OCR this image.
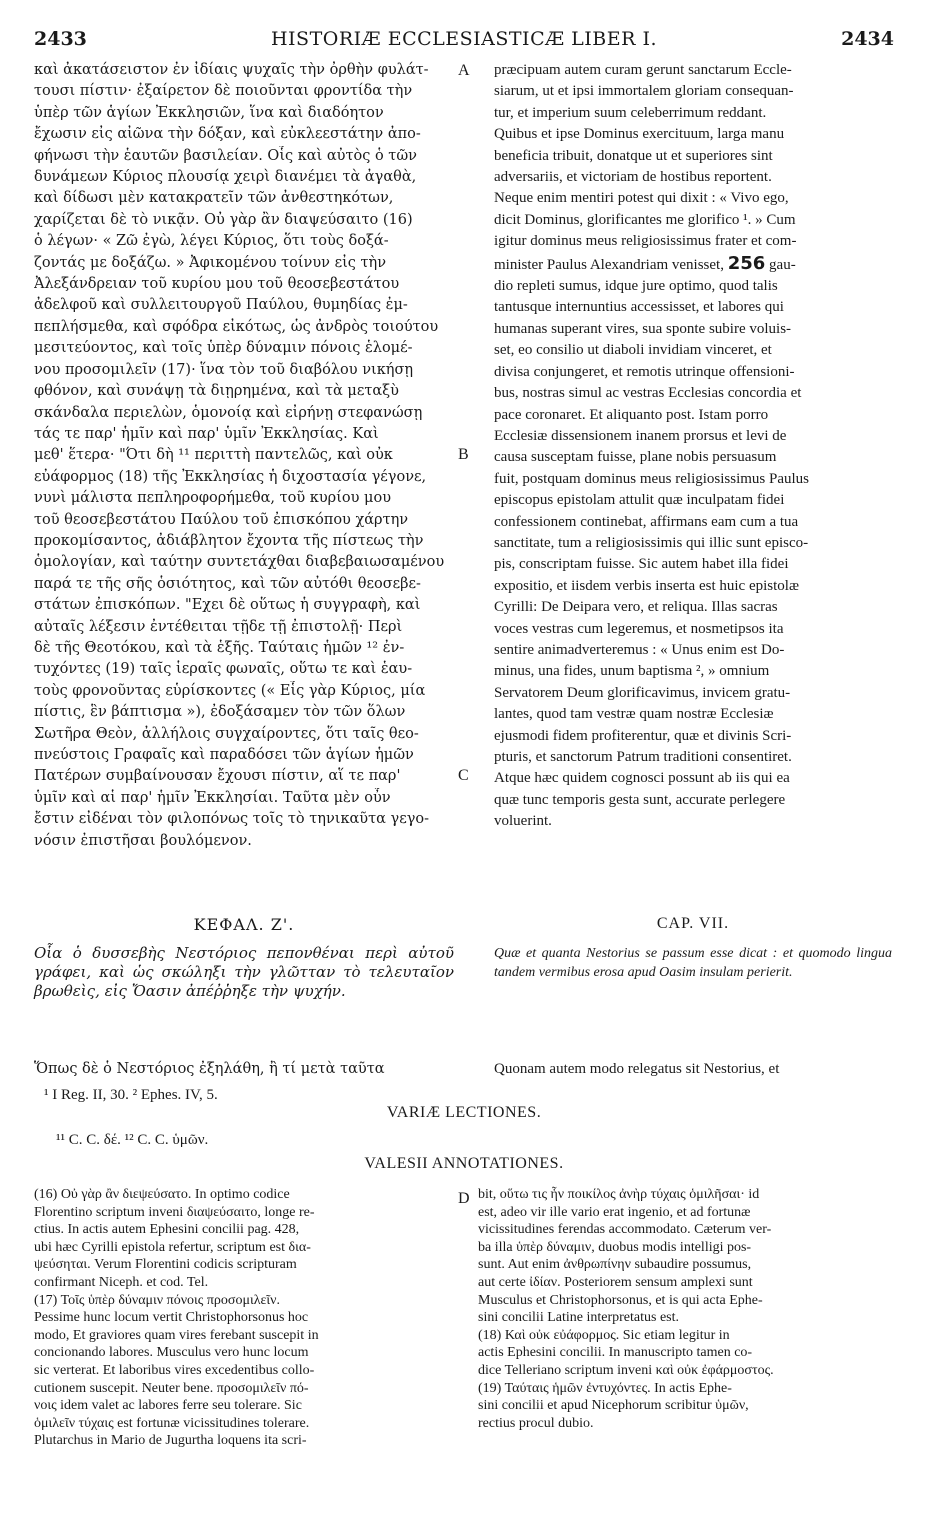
2433	HISTORIÆ ECCLESIASTICÆ LIBER I.	2434
καὶ ἀκατάσειστον ἐν ἰδίαις ψυχαῖς τὴν ὀρθὴν φυλάτ-
τουσι πίστιν· ἐξαίρετον δὲ ποιοῦνται φροντίδα τὴν
ὑπὲρ τῶν ἁγίων Ἐκκλησιῶν, ἵνα καὶ διαδόητον
ἔχωσιν εἰς αἰῶνα τὴν δόξαν, καὶ εὐκλεεστάτην ἀπο-
φήνωσι τὴν ἑαυτῶν βασιλείαν. Οἷς καὶ αὐτὸς ὁ τῶν
δυνάμεων Κύριος πλουσίᾳ χειρὶ διανέμει τὰ ἀγαθὰ,
καὶ δίδωσι μὲν κατακρατεῖν τῶν ἀνθεστηκότων,
χαρίζεται δὲ τὸ νικᾷν. Οὐ γὰρ ἂν διαψεύσαιτο (16)
ὁ λέγων· « Ζῶ ἐγὼ, λέγει Κύριος, ὅτι τοὺς δοξά-
ζοντάς με δοξάζω. » Ἀφικομένου τοίνυν εἰς τὴν
Ἀλεξάνδρειαν τοῦ κυρίου μου τοῦ θεοσεβεστάτου
ἀδελφοῦ καὶ συλλειτουργοῦ Παύλου, θυμηδίας ἐμ-
πεπλήσμεθα, καὶ σφόδρα εἰκότως, ὡς ἀνδρὸς τοιούτου
μεσιτεύοντος, καὶ τοῖς ὑπὲρ δύναμιν πόνοις ἑλομέ-
νου προσομιλεῖν (17)· ἵνα τὸν τοῦ διαβόλου νικήσῃ
φθόνον, καὶ συνάψῃ τὰ διῃρημένα, καὶ τὰ μεταξὺ
σκάνδαλα περιελὼν, ὁμονοίᾳ καὶ εἰρήνῃ στεφανώσῃ
τάς τε παρ' ἡμῖν καὶ παρ' ὑμῖν Ἐκκλησίας. Καὶ
μεθ' ἕτερα· "Ότι δὴ ¹¹ περιττὴ παντελῶς, καὶ οὐκ
εὐάφορμος (18) τῆς Ἐκκλησίας ἡ διχοστασία γέγονε,
νυνὶ μάλιστα πεπληροφορήμεθα, τοῦ κυρίου μου
τοῦ θεοσεβεστάτου Παύλου τοῦ ἐπισκόπου χάρτην
προκομίσαντος, ἀδιάβλητον ἔχοντα τῆς πίστεως τὴν
ὁμολογίαν, καὶ ταύτην συντετάχθαι διαβεβαιωσαμένου
παρά τε τῆς σῆς ὁσιότητος, καὶ τῶν αὐτόθι θεοσεβε-
στάτων ἐπισκόπων. "Εχει δὲ οὕτως ἡ συγγραφὴ, καὶ
αὐταῖς λέξεσιν ἐντέθειται τῇδε τῇ ἐπιστολῇ· Περὶ
δὲ τῆς Θεοτόκου, καὶ τὰ ἑξῆς. Ταύταις ἡμῶν ¹² ἐν-
τυχόντες (19) ταῖς ἱεραῖς φωναῖς, οὕτω τε καὶ ἑαυ-
τοὺς φρονοῦντας εὑρίσκοντες (« Εἷς γὰρ Κύριος, μία
πίστις, ἓν βάπτισμα »), ἐδοξάσαμεν τὸν τῶν ὅλων
Σωτῆρα Θεὸν, ἀλλήλοις συγχαίροντες, ὅτι ταῖς θεο-
πνεύστοις Γραφαῖς καὶ παραδόσει τῶν ἁγίων ἡμῶν
Πατέρων συμβαίνουσαν ἔχουσι πίστιν, αἵ τε παρ'
ὑμῖν καὶ αἱ παρ' ἡμῖν Ἐκκλησίαι. Ταῦτα μὲν οὖν
ἔστιν εἰδέναι τὸν φιλοπόνως τοῖς τὸ τηνικαῦτα γεγο-
νόσιν ἐπιστῆσαι βουλόμενον.
præcipuam autem curam gerunt sanctarum Eccle-
siarum, ut et ipsi immortalem gloriam consequan-
tur, et imperium suum celeberrimum reddant.
Quibus et ipse Dominus exercituum, larga manu
beneficia tribuit, donatque ut et superiores sint
adversariis, et victoriam de hostibus reportent.
Neque enim mentiri potest qui dixit : « Vivo ego,
dicit Dominus, glorificantes me glorifico ¹. » Cum
igitur dominus meus religiosissimus frater et com-
minister Paulus Alexandriam venisset, 256 gau-
dio repleti sumus, idque jure optimo, quod talis
tantusque internuntius accessisset, et labores qui
humanas superant vires, sua sponte subire voluis-
set, eo consilio ut diaboli invidiam vinceret, et
divisa conjungeret, et remotis utrinque offensioni-
bus, nostras simul ac vestras Ecclesias concordia et
pace coronaret. Et aliquanto post. Istam porro
Ecclesiæ dissensionem inanem prorsus et levi de
causa susceptam fuisse, plane nobis persuasum
fuit, postquam dominus meus religiosissimus Paulus
episcopus epistolam attulit quæ inculpatam fidei
confessionem continebat, affirmans eam cum a tua
sanctitate, tum a religiosissimis qui illic sunt episco-
pis, conscriptam fuisse. Sic autem habet illa fidei
expositio, et iisdem verbis inserta est huic epistolæ
Cyrilli: De Deipara vero, et reliqua. Illas sacras
voces vestras cum legeremus, et nosmetipsos ita
sentire animadverteremus : « Unus enim est Do-
minus, una fides, unum baptisma ², » omnium
Servatorem Deum glorificavimus, invicem gratu-
lantes, quod tam vestræ quam nostræ Ecclesiæ
ejusmodi fidem profiterentur, quæ et divinis Scri-
pturis, et sanctorum Patrum traditioni consentiret.
Atque hæc quidem cognosci possunt ab iis qui ea
quæ tunc temporis gesta sunt, accurate perlegere
voluerint.
A
B
C
D
ΚΕΦΑΛ. Ζ'.	CAP. VII.
Οἷα ὁ δυσσεβὴς Νεστόριος πεπονθέναι περὶ αὐτοῦ γράφει, καὶ ὡς σκώληξι τὴν γλῶτταν τὸ τελευταῖον βρωθεὶς, εἰς Ὄασιν ἀπέῤῥηξε τὴν ψυχήν.
Quæ et quanta Nestorius se passum esse dicat : et quomodo lingua tandem vermibus erosa apud Oasim insulam perierit.
Ὅπως δὲ ὁ Νεστόριος ἐξηλάθη, ἢ τί μετὰ ταῦτα	Quonam autem modo relegatus sit Nestorius, et
¹ I Reg. II, 30. ² Ephes. IV, 5.
VARIÆ LECTIONES.
¹¹ C. C. δέ. ¹² C. C. ὑμῶν.
VALESII ANNOTATIONES.
(16) Οὐ γὰρ ἂν διεψεύσατο. In optimo codice
Florentino scriptum inveni διαψεύσαιτο, longe re-
ctius. In actis autem Ephesini concilii pag. 428,
ubi hæc Cyrilli epistola refertur, scriptum est δια-
ψεύσηται. Verum Florentini codicis scripturam
confirmant Niceph. et cod. Tel.
(17) Τοῖς ὑπὲρ δύναμιν πόνοις προσομιλεῖν.
Pessime hunc locum vertit Christophorsonus hoc
modo, Et graviores quam vires ferebant suscepit in
concionando labores. Musculus vero hunc locum
sic verterat. Et laboribus vires excedentibus collo-
cutionem suscepit. Neuter bene. προσομιλεῖν πό-
νοις idem valet ac labores ferre seu tolerare. Sic
ὁμιλεῖν τύχαις est fortunæ vicissitudines tolerare.
Plutarchus in Mario de Jugurtha loquens ita scri-
bit, οὕτω τις ἦν ποικίλος ἀνὴρ τύχαις ὁμιλῆσαι· id
est, adeo vir ille vario erat ingenio, et ad fortunæ
vicissitudines ferendas accommodato. Cæterum ver-
ba illa ὑπὲρ δύναμιν, duobus modis intelligi pos-
sunt. Aut enim ἀνθρωπίνην subaudire possumus,
aut certe ἰδίαν. Posteriorem sensum amplexi sunt
Musculus et Christophorsonus, et is qui acta Ephe-
sini concilii Latine interpretatus est.
(18) Καὶ οὐκ εὐάφορμος. Sic etiam legitur in
actis Ephesini concilii. In manuscripto tamen co-
dice Telleriano scriptum inveni καὶ οὐκ ἐφάρμοστος.
(19) Ταύταις ἡμῶν ἐντυχόντες. In actis Ephe-
sini concilii et apud Nicephorum scribitur ὑμῶν,
rectius procul dubio.
